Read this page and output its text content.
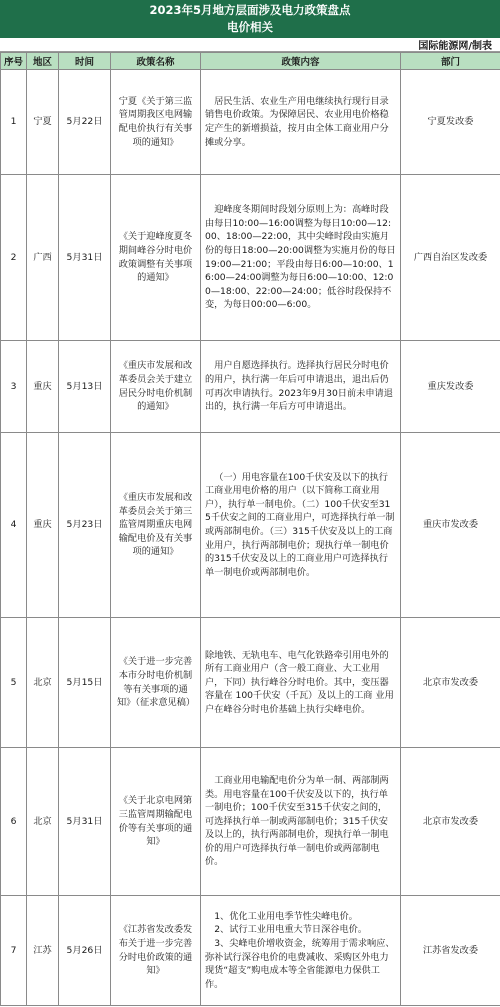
2023年5月地方层面涉及电力政策盘点
电价相关
国际能源网/制表
序号	地区	时间	政策名称	政策内容	部门
1	宁夏	5月22日	宁夏《关于第三监管周期我区电网输配电价执行有关事项的通知》	居民生活、农业生产用电继续执行现行目录销售电价政策。为保障居民、农业用电价格稳定产生的新增损益，按月由全体工商业用户分摊或分享。	宁夏发改委
2	广西	5月31日	《关于迎峰度夏冬期间峰谷分时电价政策调整有关事项的通知》	迎峰度冬期间时段划分原则上为：高峰时段由每日10:00—16:00调整为每日10:00—12:00、18:00—22:00，其中尖峰时段由实施月份的每日18:00—20:00调整为实施月份的每日19:00—21:00；平段由每日6:00—10:00、16:00—24:00调整为每日6:00—10:00、12:00—18:00、22:00—24:00；低谷时段保持不变，为每日00:00—6:00。	广西自治区发改委
3	重庆	5月13日	《重庆市发展和改革委员会关于建立居民分时电价机制的通知》	用户自愿选择执行。选择执行居民分时电价的用户，执行满一年后可申请退出，退出后仍可再次申请执行。2023年9月30日前未申请退出的，执行满一年后方可申请退出。	重庆发改委
4	重庆	5月23日	《重庆市发展和改革委员会关于第三监管周期重庆电网输配电价及有关事项的通知》	（一）用电容量在100千伏安及以下的执行工商业用电价格的用户（以下简称工商业用户），执行单一制电价。（二）100千伏安至315千伏安之间的工商业用户，可选择执行单一制或两部制电价。（三）315千伏安及以上的工商业用户，执行两部制电价；现执行单一制电价的315千伏安及以上的工商业用户可选择执行单一制电价或两部制电价。	重庆市发改委
5	北京	5月15日	《关于进一步完善本市分时电价机制等有关事项的通知》（征求意见稿）	除地铁、无轨电车、电气化铁路牵引用电外的 所有工商业用户（含一般工商业、大工业用户，下同）执行峰谷分时电价。其中，变压器容量在 100千伏安（千瓦）及以上的工商 业用户在峰谷分时电价基础上执行尖峰电价。	北京市发改委
6	北京	5月31日	《关于北京电网第三监管周期输配电价等有关事项的通知》	工商业用电输配电价分为单一制、两部制两类。用电容量在100千伏安及以下的，执行单一制电价；100千伏安至315千伏安之间的，可选择执行单一制或两部制电价；315千伏安及以上的，执行两部制电价，现执行单一制电价的用户可选择执行单一制电价或两部制电价。	北京市发改委
7	江苏	5月26日	《江苏省发改委发布关于进一步完善分时电价政策的通知》	1、优化工业用电季节性尖峰电价。

2、试行工业用电重大节日深谷电价。

3、尖峰电价增收资金，统筹用于需求响应、弥补试行深谷电价的电费减收、采购区外电力现货“超支”购电成本等全省能源电力保供工作。	江苏省发改委
